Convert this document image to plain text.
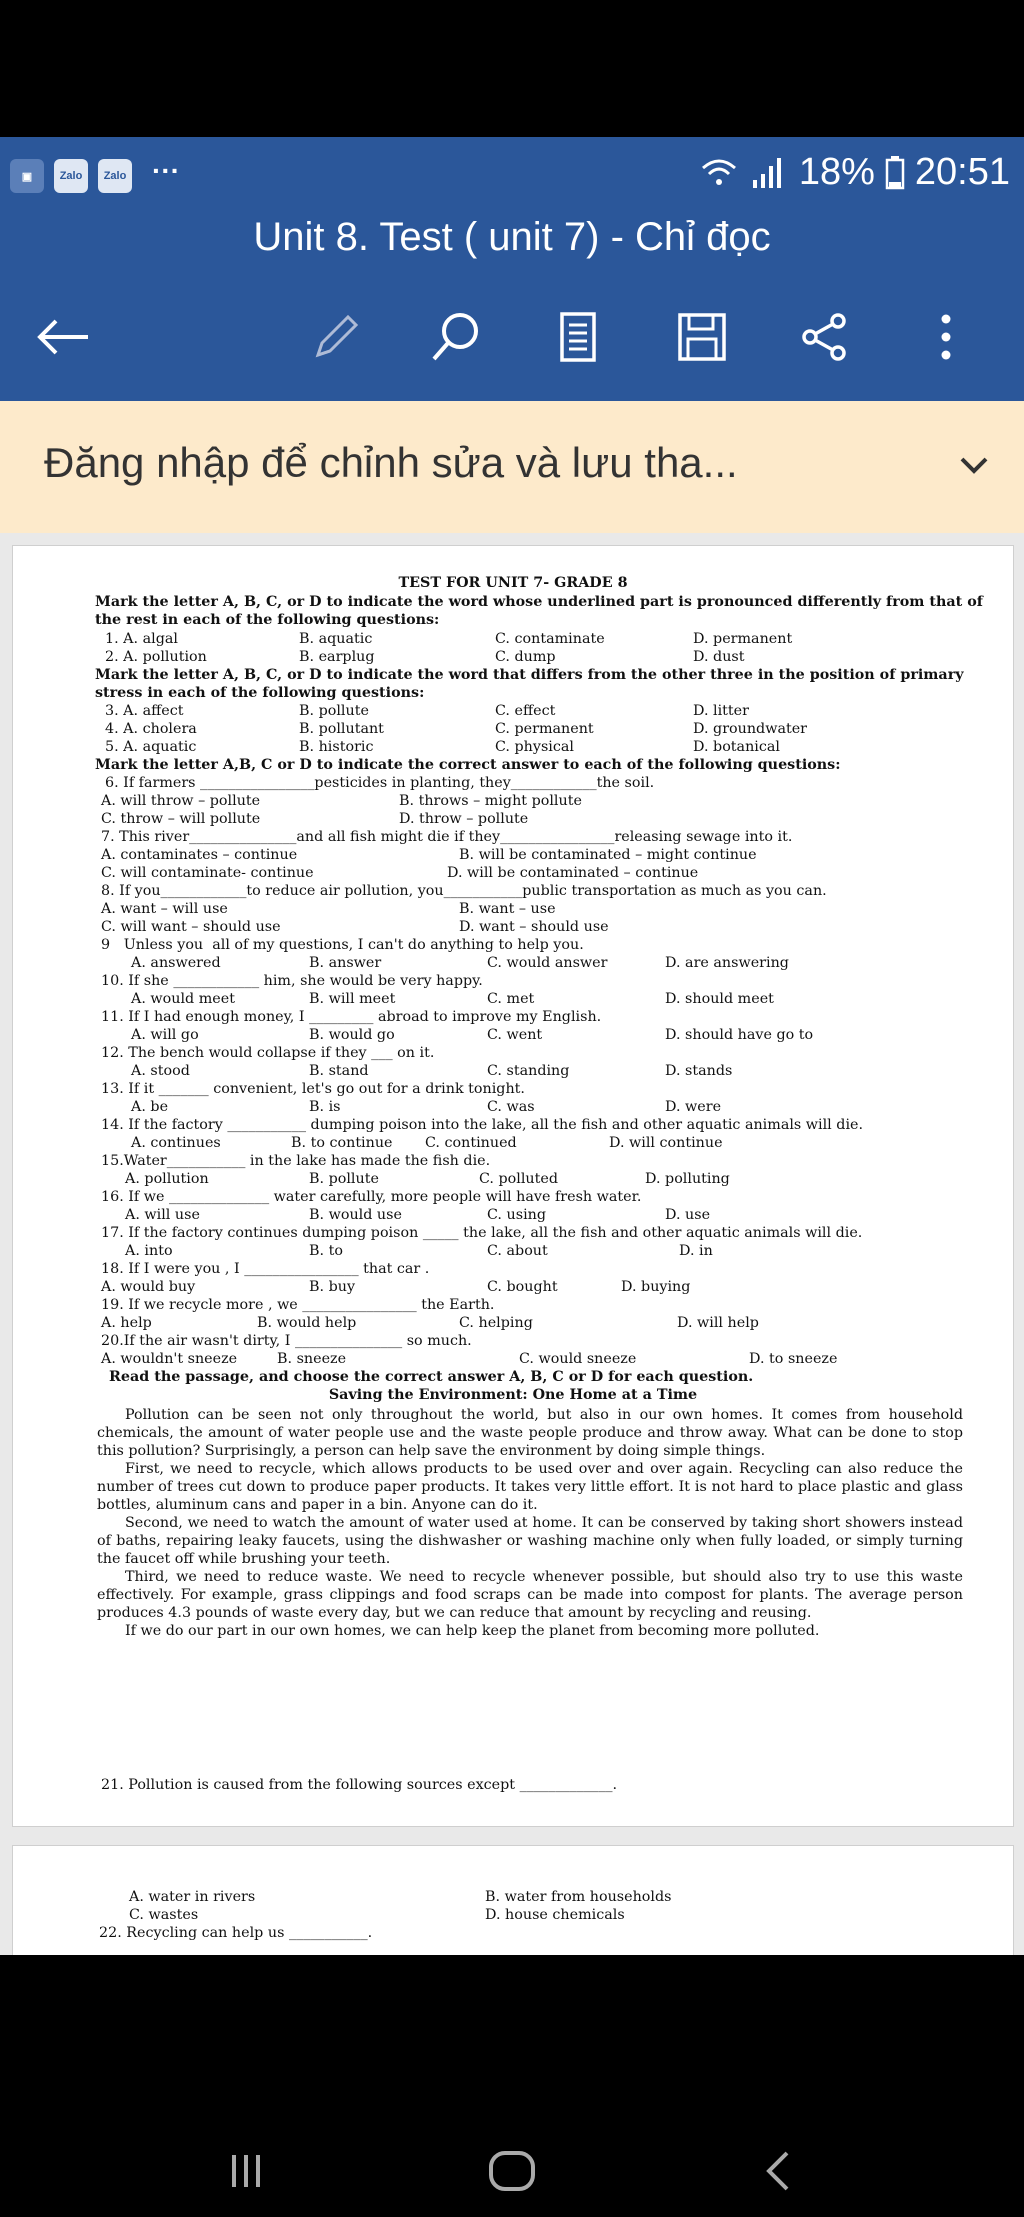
▣	Zalo	Zalo ···	18% 20:51
Unit 8. Test ( unit 7) - Chỉ đọc
Đăng nhập để chỉnh sửa và lưu tha...
TEST FOR UNIT 7- GRADE 8
Mark the letter A, B, C, or D to indicate the word whose underlined part is pronounced differently from that of
the rest in each of the following questions:
1. A. algal	B. aquatic	C. contaminate	D. permanent
2. A. pollution	B. earplug	C. dump	D. dust
Mark the letter A, B, C, or D to indicate the word that differs from the other three in the position of primary
stress in each of the following questions:
3. A. affect	B. pollute	C. effect	D. litter
4. A. cholera	B. pollutant	C. permanent	D. groundwater
5. A. aquatic	B. historic	C. physical	D. botanical
Mark the letter A,B, C or D to indicate the correct answer to each of the following questions:
6. If farmers ________________pesticides in planting, they____________the soil.
A. will throw – pollute	B. throws – might pollute
C. throw – will pollute	D. throw – pollute
7. This river_______________and all fish might die if they________________releasing sewage into it.
A. contaminates – continue	B. will be contaminated – might continue
C. will contaminate- continue	D. will be contaminated – continue
8. If you____________to reduce air pollution, you___________public transportation as much as you can.
A. want – will use	B. want – use
C. will want – should use	D. want – should use
9   Unless you  all of my questions, I can't do anything to help you.
A. answered	B. answer	C. would answer	D. are answering
10. If she ____________ him, she would be very happy.
A. would meet	B. will meet	C. met	D. should meet
11. If I had enough money, I _________ abroad to improve my English.
A. will go	B. would go	C. went	D. should have go to
12. The bench would collapse if they ___ on it.
A. stood	B. stand	C. standing	D. stands
13. If it _______ convenient, let's go out for a drink tonight.
A. be	B. is	C. was	D. were
14. If the factory ___________ dumping poison into the lake, all the fish and other aquatic animals will die.
A. continues	B. to continue C. continued	D. will continue
15.Water___________ in the lake has made the fish die.
A. pollution	B. pollute	C. polluted	D. polluting
16. If we ______________ water carefully, more people will have fresh water.
A. will use	B. would use	C. using	D. use
17. If the factory continues dumping poison _____ the lake, all the fish and other aquatic animals will die.
A. into	B. to	C. about	D. in
18. If I were you , I ________________ that car .
A. would buy	B. buy	C. bought	D. buying
19. If we recycle more , we ________________ the Earth.
A. help	B. would help	C. helping	D. will help
20.If the air wasn't dirty, I _______________ so much.
A. wouldn't sneeze	B. sneeze	C. would sneeze	D. to sneeze
Read the passage, and choose the correct answer A, B, C or D for each question.
Saving the Environment: One Home at a Time
Pollution can be seen not only throughout the world, but also in our own homes. It comes from household chemicals, the amount of water people use and the waste people produce and throw away. What can be done to stop this pollution? Surprisingly, a person can help save the environment by doing simple things.
First, we need to recycle, which allows products to be used over and over again. Recycling can also reduce the number of trees cut down to produce paper products. It takes very little effort. It is not hard to place plastic and glass bottles, aluminum cans and paper in a bin. Anyone can do it.
Second, we need to watch the amount of water used at home. It can be conserved by taking short showers instead of baths, repairing leaky faucets, using the dishwasher or washing machine only when fully loaded, or simply turning the faucet off while brushing your teeth.
Third, we need to reduce waste. We need to recycle whenever possible, but should also try to use this waste effectively. For example, grass clippings and food scraps can be made into compost for plants. The average person produces 4.3 pounds of waste every day, but we can reduce that amount by recycling and reusing.
If we do our part in our own homes, we can help keep the planet from becoming more polluted.
21. Pollution is caused from the following sources except _____________.
A. water in rivers	B. water from households
C. wastes	D. house chemicals
22. Recycling can help us ___________.
